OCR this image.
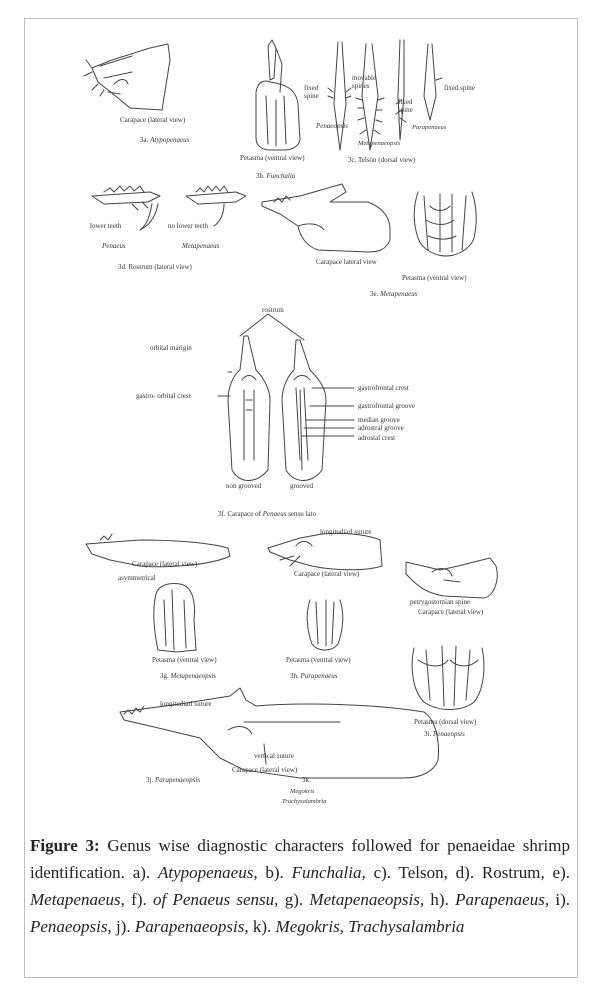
Carapace (lateral view)
3a. Atypopenaeus
Petasma (ventral view)
3b. Funchalia
fixed spine
movable spines
fixed spine
fixed spine
Penaeopsis
Metapenaeopsis
Parapenaeus
3c. Telson (dorsal view)
lower teeth	no lower teeth
Penaeus	Metapenaeus
3d. Rostrum (lateral view)
Carapace lateral view
Petasma (ventral view)
3e. Metapenaeus
rostrum
orbital marigin
gastro- orbital crest
gastrofrontal crest
gastrofrontal groove
median groove
adrostral groove
adrostal crest
non grooved	grooved
3f. Carapace of Penaeus sensu lato
Carapace (lateral view)
asymmetrical
Petasma (ventral view)
3g. Metapenaeopsis
longitudiarl suture
Carapace (lateral view)
Petasma (ventral view)
3h. Parapenaeus
petrygostomian spine
Carapace (lateral view)
Petasma (dorsal view)
3i. Penaeopsis
longitudiarl suture
3j. Parapenaeopsis
vertical suture
Carapace (lateral view)
3k.
Megokris
Trachysalambria
Figure 3: Genus wise diagnostic characters followed for penaeidae shrimp identification. a). Atypopenaeus, b). Funchalia, c). Telson, d). Rostrum, e). Metapenaeus, f). of Penaeus sensu, g). Metapenaeopsis, h). Parapenaeus, i). Penaeopsis, j). Parapenaeopsis, k). Megokris, Trachysalambria
